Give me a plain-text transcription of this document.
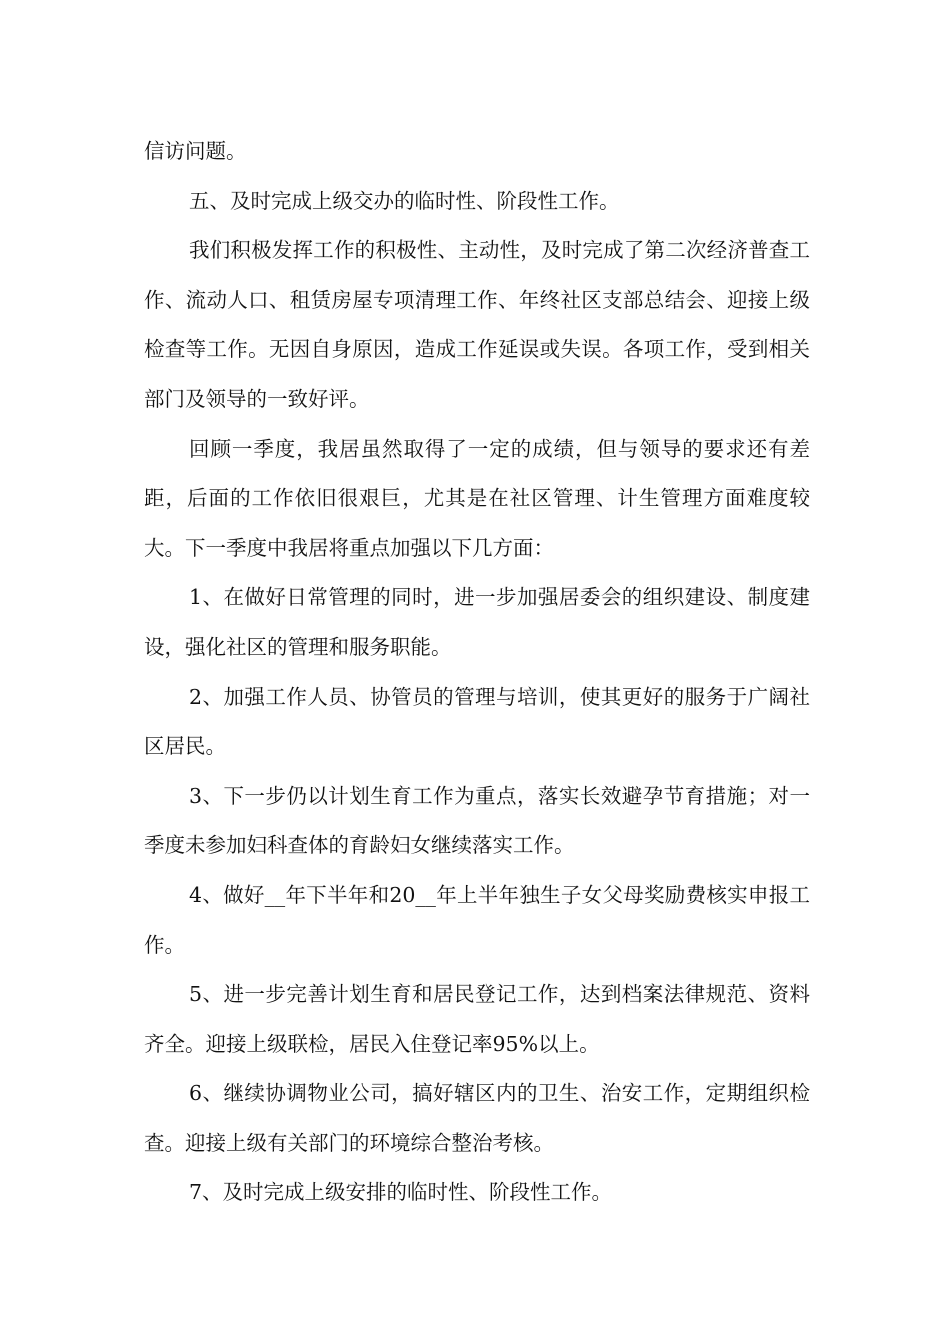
信访问题。

五、及时完成上级交办的临时性、阶段性工作。

我们积极发挥工作的积极性、主动性，及时完成了第二次经济普查工作、流动人口、租赁房屋专项清理工作、年终社区支部总结会、迎接上级检查等工作。无因自身原因，造成工作延误或失误。各项工作，受到相关部门及领导的一致好评。

回顾一季度，我居虽然取得了一定的成绩，但与领导的要求还有差距，后面的工作依旧很艰巨，尤其是在社区管理、计生管理方面难度较大。下一季度中我居将重点加强以下几方面：

1、在做好日常管理的同时，进一步加强居委会的组织建设、制度建设，强化社区的管理和服务职能。

2、加强工作人员、协管员的管理与培训，使其更好的服务于广阔社区居民。

3、下一步仍以计划生育工作为重点，落实长效避孕节育措施；对一季度未参加妇科查体的育龄妇女继续落实工作。

4、做好__年下半年和20__年上半年独生子女父母奖励费核实申报工作。

5、进一步完善计划生育和居民登记工作，达到档案法律规范、资料齐全。迎接上级联检，居民入住登记率95%以上。

6、继续协调物业公司，搞好辖区内的卫生、治安工作，定期组织检查。迎接上级有关部门的环境综合整治考核。

7、及时完成上级安排的临时性、阶段性工作。
